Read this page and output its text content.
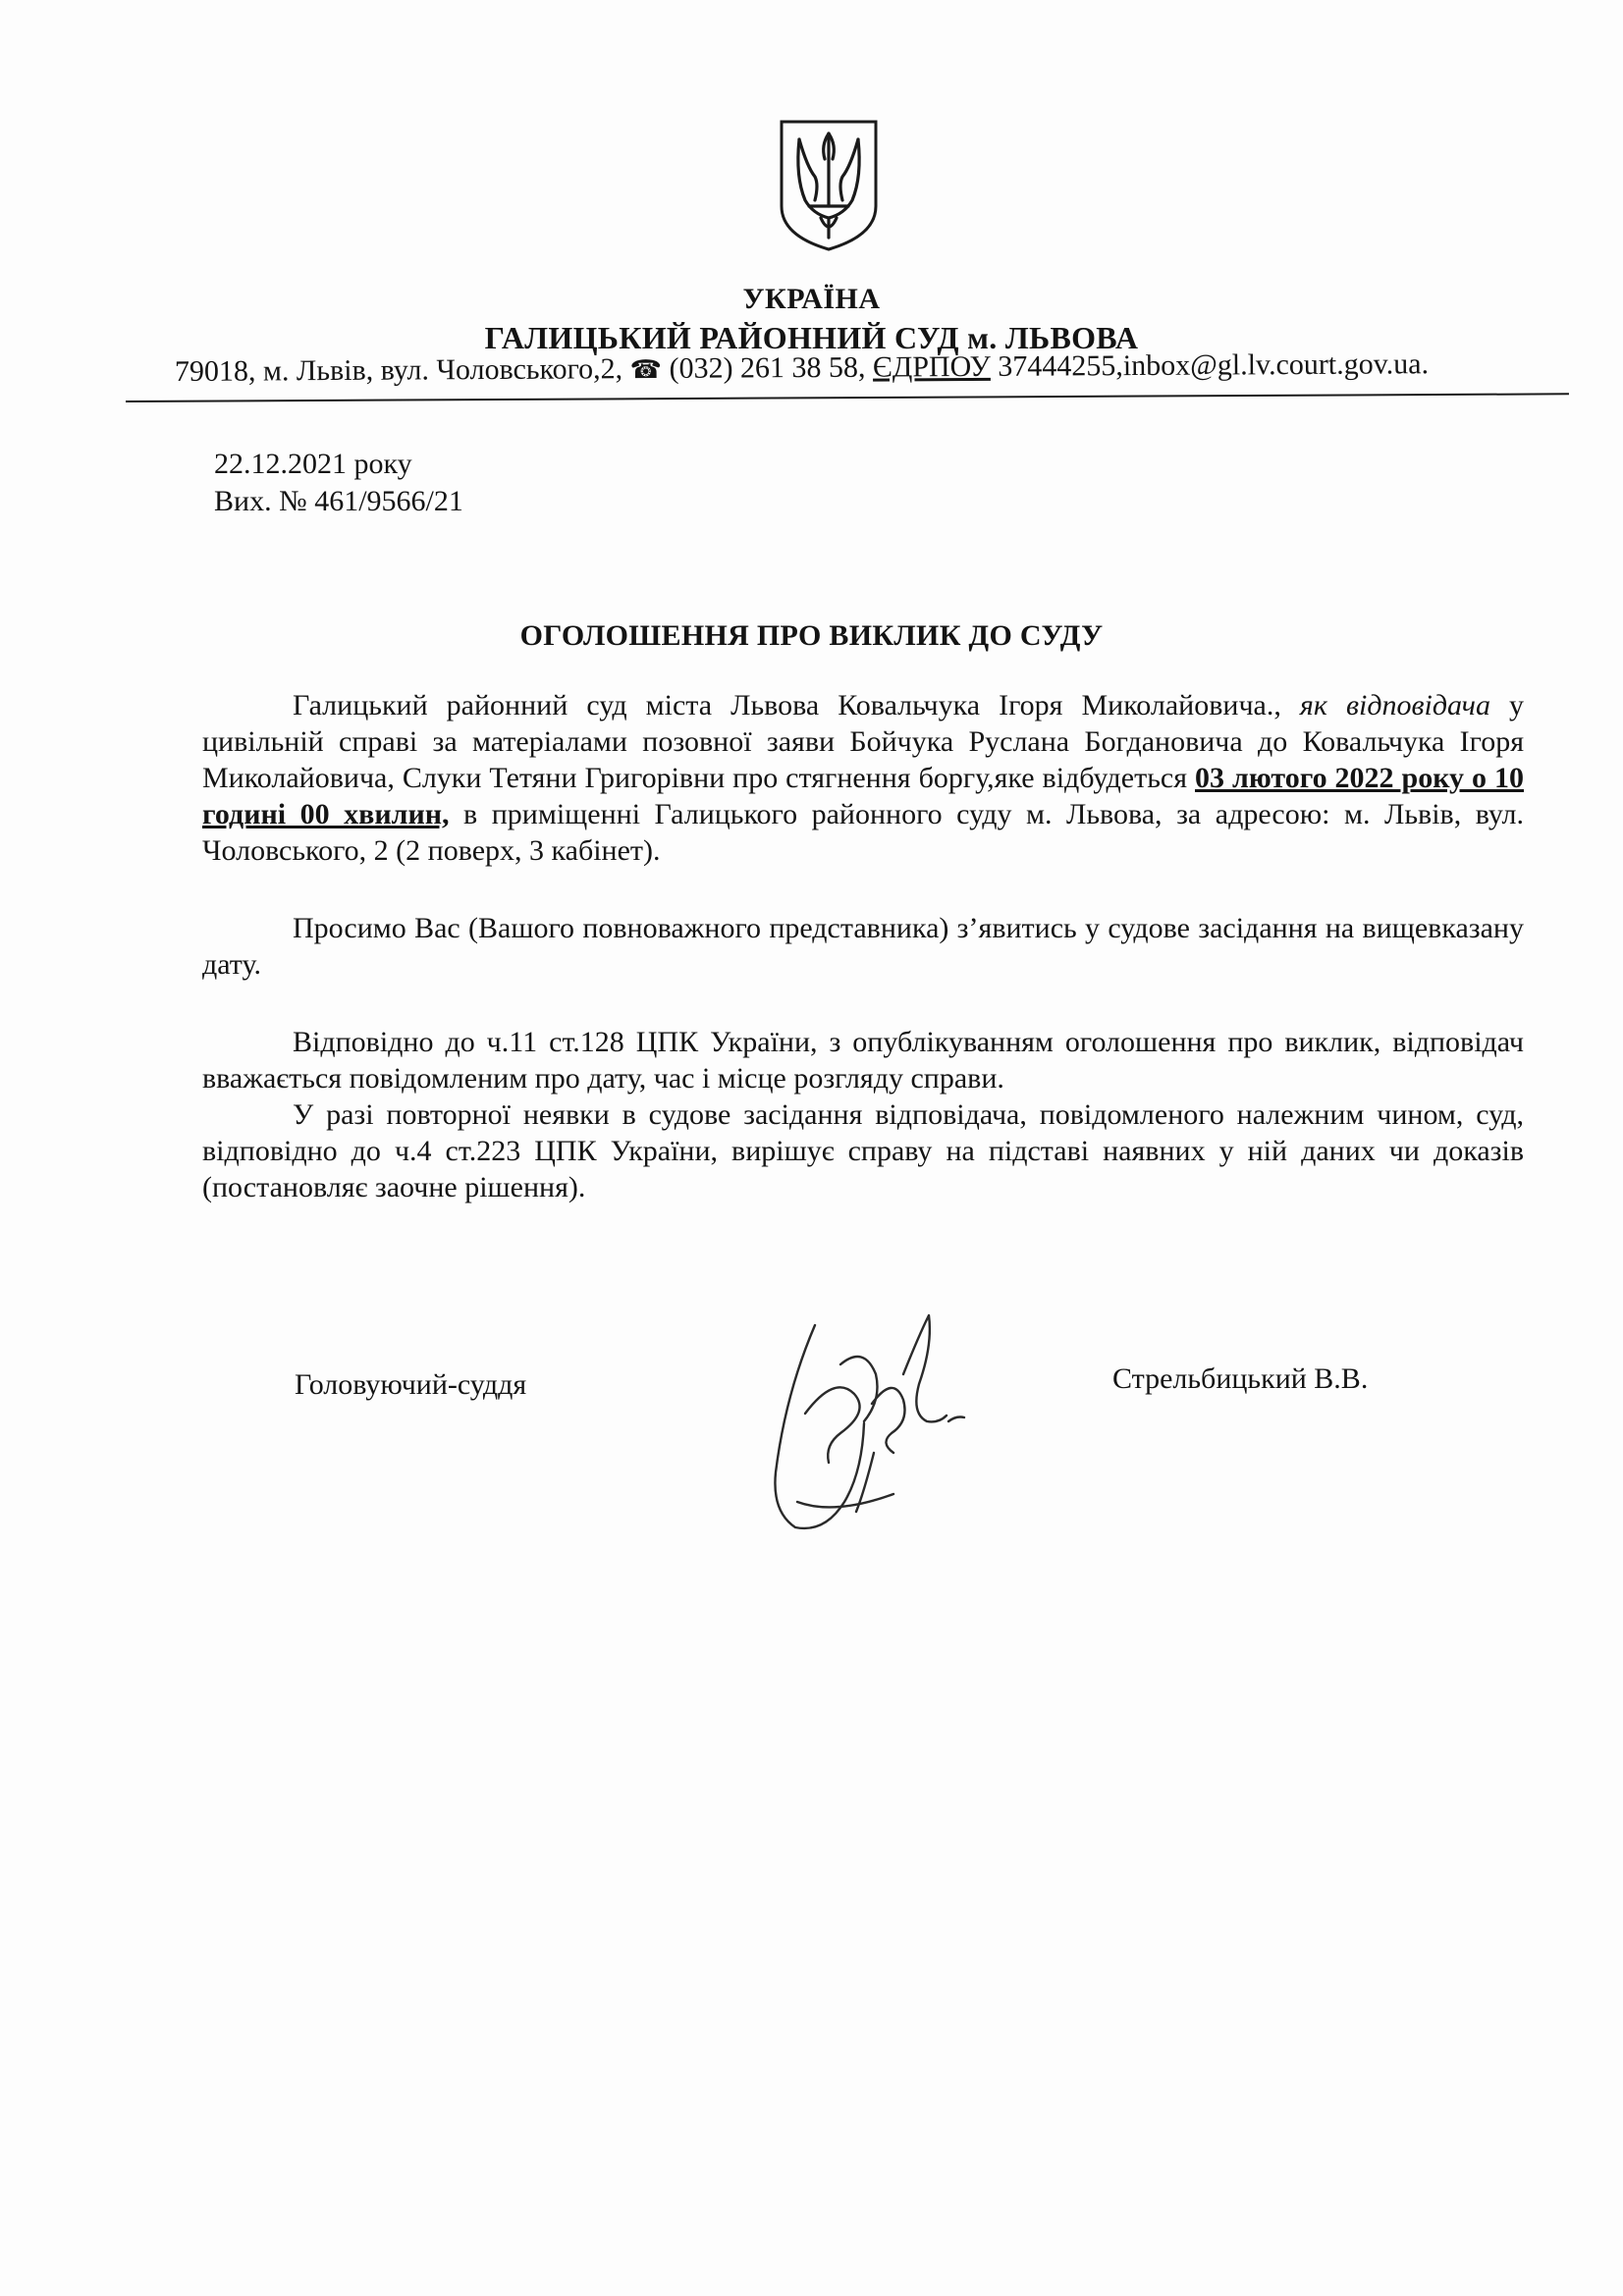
УКРАЇНА
ГАЛИЦЬКИЙ РАЙОННИЙ СУД м. ЛЬВОВА
79018, м. Львів, вул. Чоловського,2, ☎ (032) 261 38 58, ЄДРПОУ 37444255,inbox@gl.lv.court.gov.ua.
22.12.2021 року
Вих. № 461/9566/21
ОГОЛОШЕННЯ ПРО ВИКЛИК ДО СУДУ

Галицький районний суд міста Львова Ковальчука Ігоря Миколайовича., як відповідача у цивільній справі за матеріалами позовної заяви Бойчука Руслана Богдановича до Ковальчука Ігоря Миколайовича, Слуки Тетяни Григорівни про стягнення боргу,яке відбудеться 03 лютого 2022 року о 10 годині 00 хвилин, в приміщенні Галицького районного суду м. Львова, за адресою: м. Львів, вул. Чоловського, 2 (2 поверх, 3 кабінет).

Просимо Вас (Вашого повноважного представника) з’явитись у судове засідання на вищевказану дату.

Відповідно до ч.11 ст.128 ЦПК України, з опублікуванням оголошення про виклик, відповідач вважається повідомленим про дату, час і місце розгляду справи.

У разі повторної неявки в судове засідання відповідача, повідомленого належним чином, суд, відповідно до ч.4 ст.223 ЦПК України, вирішує справу на підставі наявних у ній даних чи доказів (постановляє заочне рішення).

Головуючий-суддя	Стрельбицький В.В.
